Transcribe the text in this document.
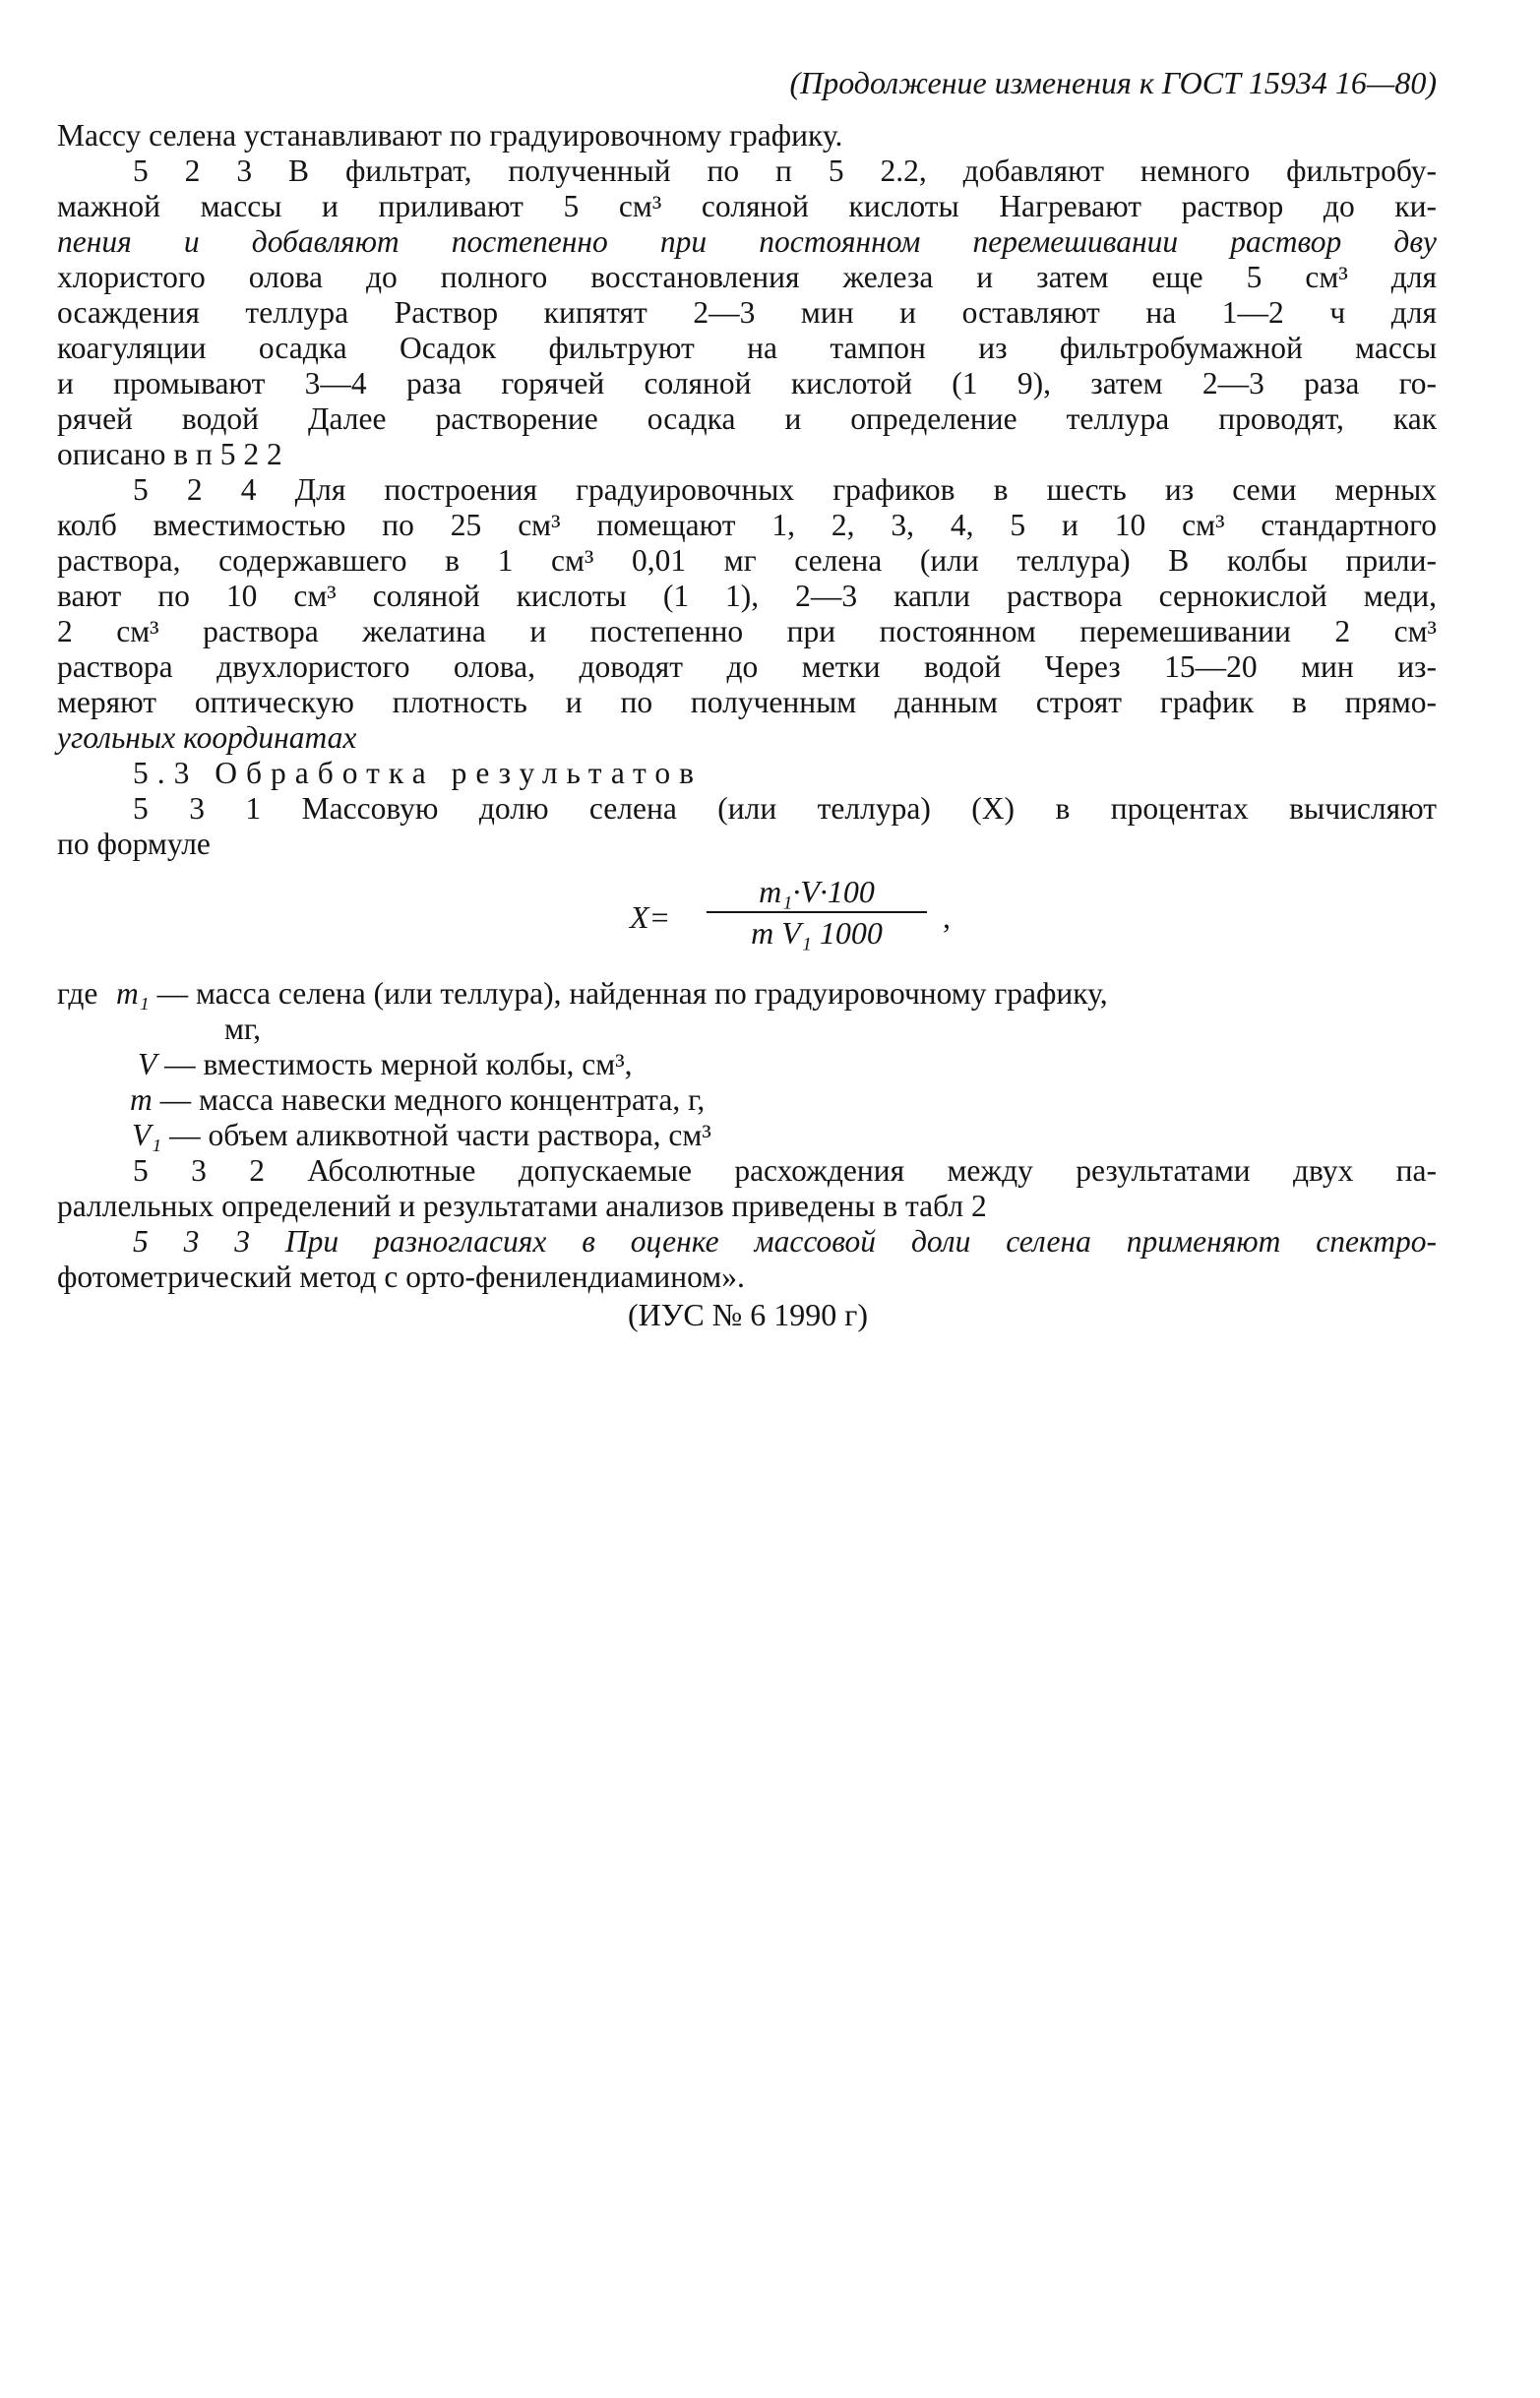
(Продолжение изменения к ГОСТ 15934 16—80)
Массу селена устанавливают по градуировочному графику.
5 2 3 В фильтрат, полученный по п 5 2.2, добавляют немного фильтробу-
мажной массы и приливают 5 см³ соляной кислоты Нагревают раствор до ки-
пения и добавляют постепенно при постоянном перемешивании раствор дву
хлористого олова до полного восстановления железа и затем еще 5 см³ для
осаждения теллура Раствор кипятят 2—3 мин и оставляют на 1—2 ч для
коагуляции осадка Осадок фильтруют на тампон из фильтробумажной массы
и промывают 3—4 раза горячей соляной кислотой (1 9), затем 2—3 раза го-
рячей водой Далее растворение осадка и определение теллура проводят, как
описано в п 5 2 2
5 2 4 Для построения градуировочных графиков в шесть из семи мерных
колб вместимостью по 25 см³ помещают 1, 2, 3, 4, 5 и 10 см³ стандартного
раствора, содержавшего в 1 см³ 0,01 мг селена (или теллура) В колбы прили-
вают по 10 см³ соляной кислоты (1 1), 2—3 капли раствора сернокислой меди,
2 см³ раствора желатина и постепенно при постоянном перемешивании 2 см³
раствора двухлористого олова, доводят до метки водой Через 15—20 мин из-
меряют оптическую плотность и по полученным данным строят график в прямо-
угольных координатах
5.3 Обработка результатов
5 3 1 Массовую долю селена (или теллура) (X) в процентах вычисляют
по формуле
X=
m₁·V·100
m V₁ 1000	,
где m₁ — масса селена (или теллура), найденная по градуировочному графику,
мг,
V — вместимость мерной колбы, см³,
m — масса навески медного концентрата, г,
V₁ — объем аликвотной части раствора, см³
5 3 2 Абсолютные допускаемые расхождения между результатами двух па-
раллельных определений и результатами анализов приведены в табл 2
5 3 3 При разногласиях в оценке массовой доли селена применяют спектро-
фотометрический метод с орто-фенилендиамином».
(ИУС № 6 1990 г)
